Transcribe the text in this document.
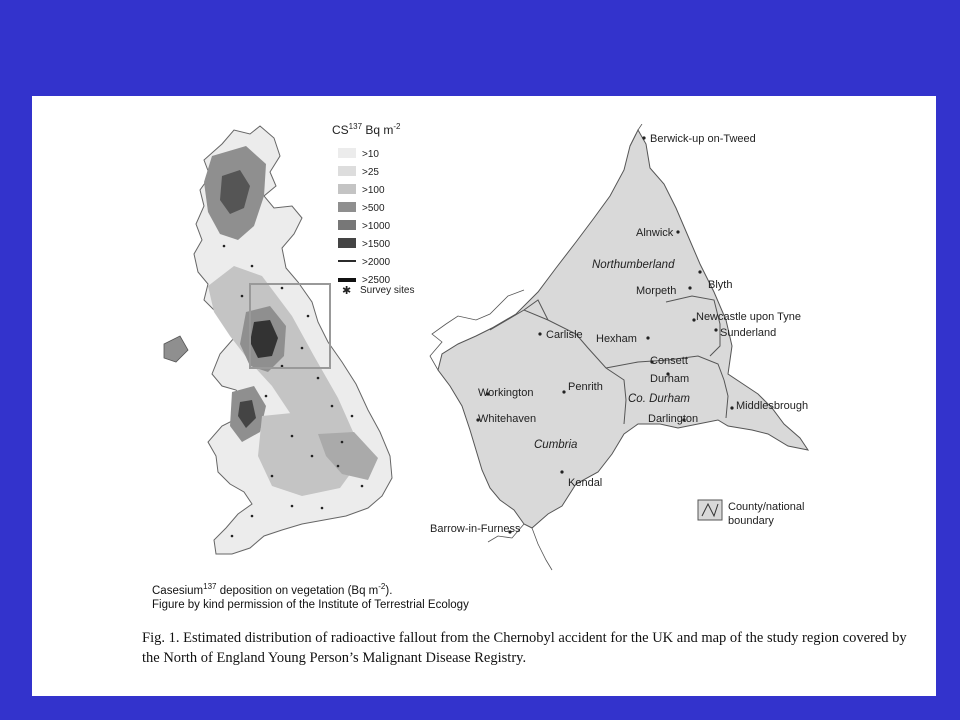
CS$^{137}$ Bq $m^{-2}$
>10
>25
>100
>500
>1000
>1500
>2000
>2500
✱ Survey sites
Casesium$^{137}$ deposition on vegetation (Bq $m^{-2}$).
Figure by kind permission of the Institute of Terrestrial Ecology
Berwick-up on-Tweed
Alnwick
Blyth
Morpeth
Newcastle upon Tyne
Sunderland
Carlisle Hexham
Consett
Durham
Workington	Penrith
Whitehaven
Middlesbrough
Darlington
Kendal
Barrow-in-Furness
Northumberland
Cumbria
Co. Durham
County/national
boundary
Fig. 1. Estimated distribution of radioactive fallout from the Chernobyl accident for the UK and map of the study region covered by the North of England Young Person’s Malignant Disease Registry.
